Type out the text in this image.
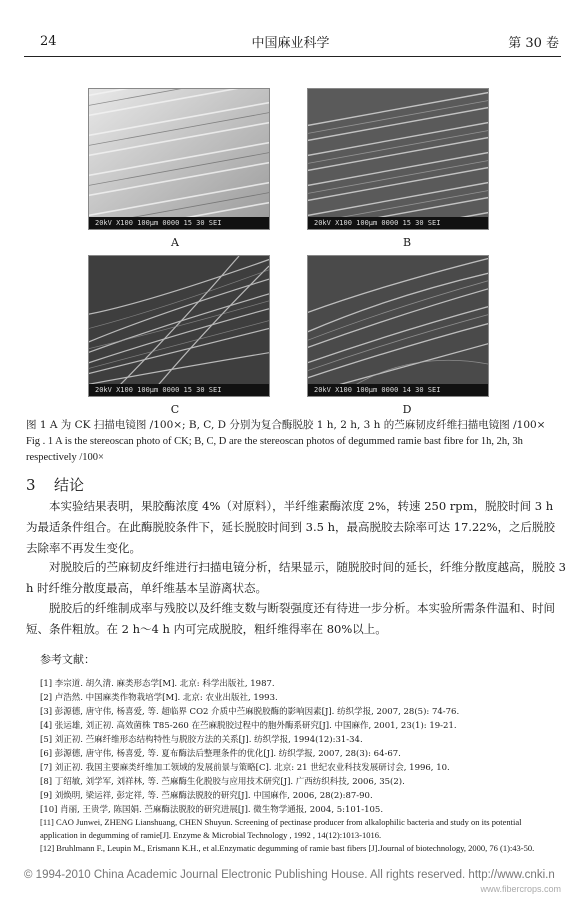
24	中国麻业科学	第 30 卷
20kV X100 100μm 0000 15 30 SEI
A
20kV X100 100μm 0000 15 30 SEI
B
20kV X100 100μm 0000 15 30 SEI
C
20kV X100 100μm 0000 14 30 SEI
D
图 1 A 为 CK 扫描电镜图 /100×; B, C, D 分别为复合酶脱胶 1 h, 2 h, 3 h 的苎麻韧皮纤维扫描电镜图 /100×
Fig . 1 A is the stereoscan photo of CK; B, C, D are the stereoscan photos of degummed ramie bast fibre for 1h, 2h, 3h respectively /100×
3 结论
本实验结果表明，果胶酶浓度 4%（对原料），半纤维素酶浓度 2%，转速 250 rpm，脱胶时间 3 h 为最适条件组合。在此酶脱胶条件下，延长脱胶时间到 3.5 h，最高脱胶去除率可达 17.22%，之后脱胶去除率不再发生变化。
对脱胶后的苎麻韧皮纤维进行扫描电镜分析，结果显示，随脱胶时间的延长，纤维分散度越高，脱胶 3 h 时纤维分散度最高，单纤维基本呈游离状态。
脱胶后的纤维制成率与残胶以及纤维支数与断裂强度还有待进一步分析。本实验所需条件温和、时间短、条件粗放。在 2 h～4 h 内可完成脱胶，粗纤维得率在 80%以上。
参考文献：
[1] 李宗道. 胡久清. 麻类形态学[M]. 北京: 科学出版社, 1987.
[2] 卢浩然. 中国麻类作物栽培学[M]. 北京: 农业出版社, 1993.
[3] 彭源德, 唐守伟, 杨喜爱, 等. 超临界 CO2 介质中苎麻脱胶酶的影响因素[J]. 纺织学报, 2007, 28(5): 74-76.
[4] 张运雄, 刘正初. 高效菌株 T85-260 在苎麻脱胶过程中的胞外酶系研究[J]. 中国麻作, 2001, 23(1): 19-21.
[5] 刘正初. 苎麻纤维形态结构特性与脱胶方法的关系[J]. 纺织学报, 1994(12):31-34.
[6] 彭源德, 唐守伟, 杨喜爱, 等. 夏布酶法后整理条件的优化[J]. 纺织学报, 2007, 28(3): 64-67.
[7] 刘正初. 我国主要麻类纤维加工领域的发展前景与策略[C]. 北京: 21 世纪农业科技发展研讨会, 1996, 10.
[8] 丁绍敏, 刘学军, 刘祥林, 等. 苎麻酶生化脱胶与应用技术研究[J]. 广西纺织科技, 2006, 35(2).
[9] 刘焕明, 梁运祥, 彭定祥, 等. 苎麻酶法脱胶的研究[J]. 中国麻作, 2006, 28(2):87-90.
[10] 肖丽, 王贵学, 陈国娟. 苎麻酶法脱胶的研究进展[J]. 微生物学通报, 2004, 5:101-105.
[11] CAO Junwei, ZHENG Lianshuang, CHEN Shuyun. Screening of pectinase producer from alkalophilic bacteria and study on its potential application in degumming of ramie[J]. Enzyme & Microbial Technology , 1992 , 14(12):1013-1016.
[12] Bruhlmann F., Leupin M., Erismann K.H., et al.Enzymatic degumming of ramie bast fibers [J].Journal of biotechnology, 2000, 76 (1):43-50.
© 1994-2010 China Academic Journal Electronic Publishing House. All rights reserved. http://www.cnki.n
www.fibercrops.com
